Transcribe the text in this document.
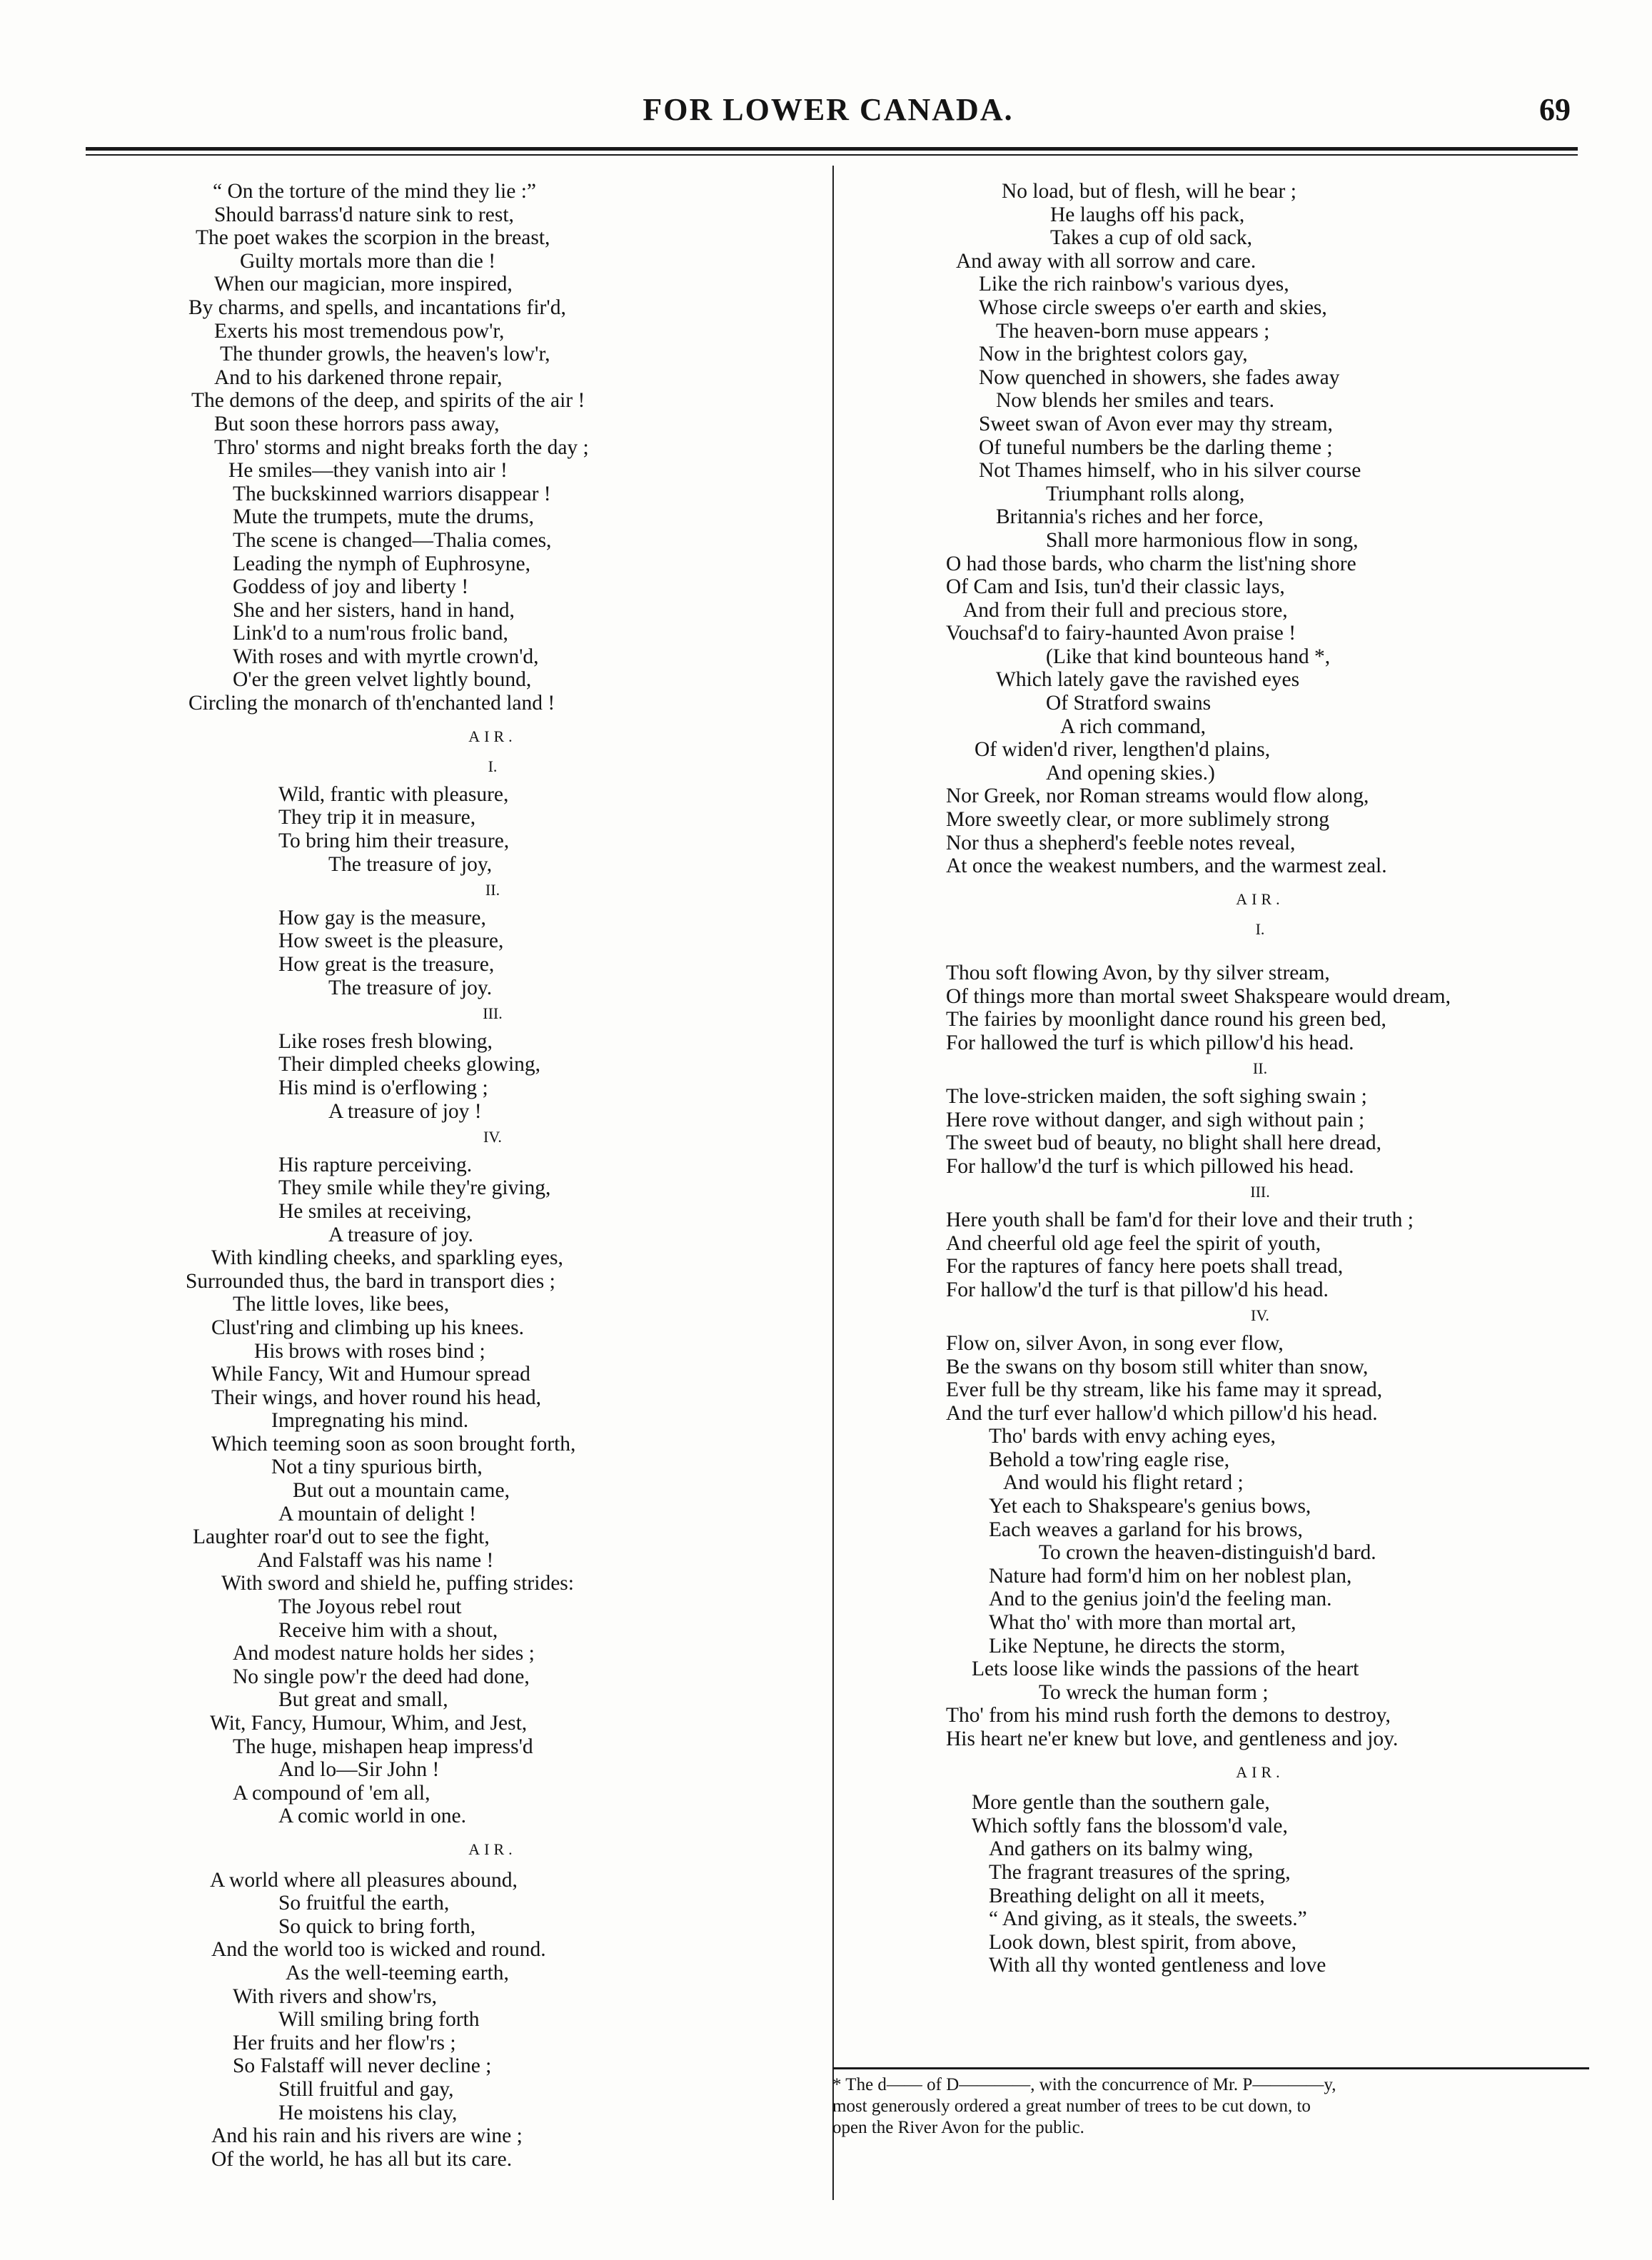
FOR LOWER CANADA.	69
“ On the torture of the mind they lie :”
Should barrass'd nature sink to rest,
The poet wakes the scorpion in the breast,
Guilty mortals more than die !
When our magician, more inspired,
By charms, and spells, and incantations fir'd,
Exerts his most tremendous pow'r,
The thunder growls, the heaven's low'r,
And to his darkened throne repair,
The demons of the deep, and spirits of the air !
But soon these horrors pass away,
Thro' storms and night breaks forth the day ;
He smiles—they vanish into air !
The buckskinned warriors disappear !
Mute the trumpets, mute the drums,
The scene is changed—Thalia comes,
Leading the nymph of Euphrosyne,
Goddess of joy and liberty !
She and her sisters, hand in hand,
Link'd to a num'rous frolic band,
With roses and with myrtle crown'd,
O'er the green velvet lightly bound,
Circling the monarch of th'enchanted land !
AIR.
I.
Wild, frantic with pleasure,
They trip it in measure,
To bring him their treasure,
The treasure of joy,
II.
How gay is the measure,
How sweet is the pleasure,
How great is the treasure,
The treasure of joy.
III.
Like roses fresh blowing,
Their dimpled cheeks glowing,
His mind is o'erflowing ;
A treasure of joy !
IV.
His rapture perceiving.
They smile while they're giving,
He smiles at receiving,
A treasure of joy.
With kindling cheeks, and sparkling eyes,
Surrounded thus, the bard in transport dies ;
The little loves, like bees,
Clust'ring and climbing up his knees.
His brows with roses bind ;
While Fancy, Wit and Humour spread
Their wings, and hover round his head,
Impregnating his mind.
Which teeming soon as soon brought forth,
Not a tiny spurious birth,
But out a mountain came,
A mountain of delight !
Laughter roar'd out to see the fight,
And Falstaff was his name !
With sword and shield he, puffing strides:
The Joyous rebel rout
Receive him with a shout,
And modest nature holds her sides ;
No single pow'r the deed had done,
But great and small,
Wit, Fancy, Humour, Whim, and Jest,
The huge, mishapen heap impress'd
And lo—Sir John !
A compound of 'em all,
A comic world in one.
AIR.
A world where all pleasures abound,
So fruitful the earth,
So quick to bring forth,
And the world too is wicked and round.
As the well-teeming earth,
With rivers and show'rs,
Will smiling bring forth
Her fruits and her flow'rs ;
So Falstaff will never decline ;
Still fruitful and gay,
He moistens his clay,
And his rain and his rivers are wine ;
Of the world, he has all but its care.
No load, but of flesh, will he bear ;
He laughs off his pack,
Takes a cup of old sack,
And away with all sorrow and care.
Like the rich rainbow's various dyes,
Whose circle sweeps o'er earth and skies,
The heaven-born muse appears ;
Now in the brightest colors gay,
Now quenched in showers, she fades away
Now blends her smiles and tears.
Sweet swan of Avon ever may thy stream,
Of tuneful numbers be the darling theme ;
Not Thames himself, who in his silver course
Triumphant rolls along,
Britannia's riches and her force,
Shall more harmonious flow in song,
O had those bards, who charm the list'ning shore
Of Cam and Isis, tun'd their classic lays,
And from their full and precious store,
Vouchsaf'd to fairy-haunted Avon praise !
(Like that kind bounteous hand *,
Which lately gave the ravished eyes
Of Stratford swains
A rich command,
Of widen'd river, lengthen'd plains,
And opening skies.)
Nor Greek, nor Roman streams would flow along,
More sweetly clear, or more sublimely strong
Nor thus a shepherd's feeble notes reveal,
At once the weakest numbers, and the warmest zeal.
AIR.
I.
Thou soft flowing Avon, by thy silver stream,
Of things more than mortal sweet Shakspeare would dream,
The fairies by moonlight dance round his green bed,
For hallowed the turf is which pillow'd his head.
II.
The love-stricken maiden, the soft sighing swain ;
Here rove without danger, and sigh without pain ;
The sweet bud of beauty, no blight shall here dread,
For hallow'd the turf is which pillowed his head.
III.
Here youth shall be fam'd for their love and their truth ;
And cheerful old age feel the spirit of youth,
For the raptures of fancy here poets shall tread,
For hallow'd the turf is that pillow'd his head.
IV.
Flow on, silver Avon, in song ever flow,
Be the swans on thy bosom still whiter than snow,
Ever full be thy stream, like his fame may it spread,
And the turf ever hallow'd which pillow'd his head.
Tho' bards with envy aching eyes,
Behold a tow'ring eagle rise,
And would his flight retard ;
Yet each to Shakspeare's genius bows,
Each weaves a garland for his brows,
To crown the heaven-distinguish'd bard.
Nature had form'd him on her noblest plan,
And to the genius join'd the feeling man.
What tho' with more than mortal art,
Like Neptune, he directs the storm,
Lets loose like winds the passions of the heart
To wreck the human form ;
Tho' from his mind rush forth the demons to destroy,
His heart ne'er knew but love, and gentleness and joy.
AIR.
More gentle than the southern gale,
Which softly fans the blossom'd vale,
And gathers on its balmy wing,
The fragrant treasures of the spring,
Breathing delight on all it meets,
“ And giving, as it steals, the sweets.”
Look down, blest spirit, from above,
With all thy wonted gentleness and love
* The d—— of D————, with the concurrence of Mr. P————y,
most generously ordered a great number of trees to be cut down, to
open the River Avon for the public.
